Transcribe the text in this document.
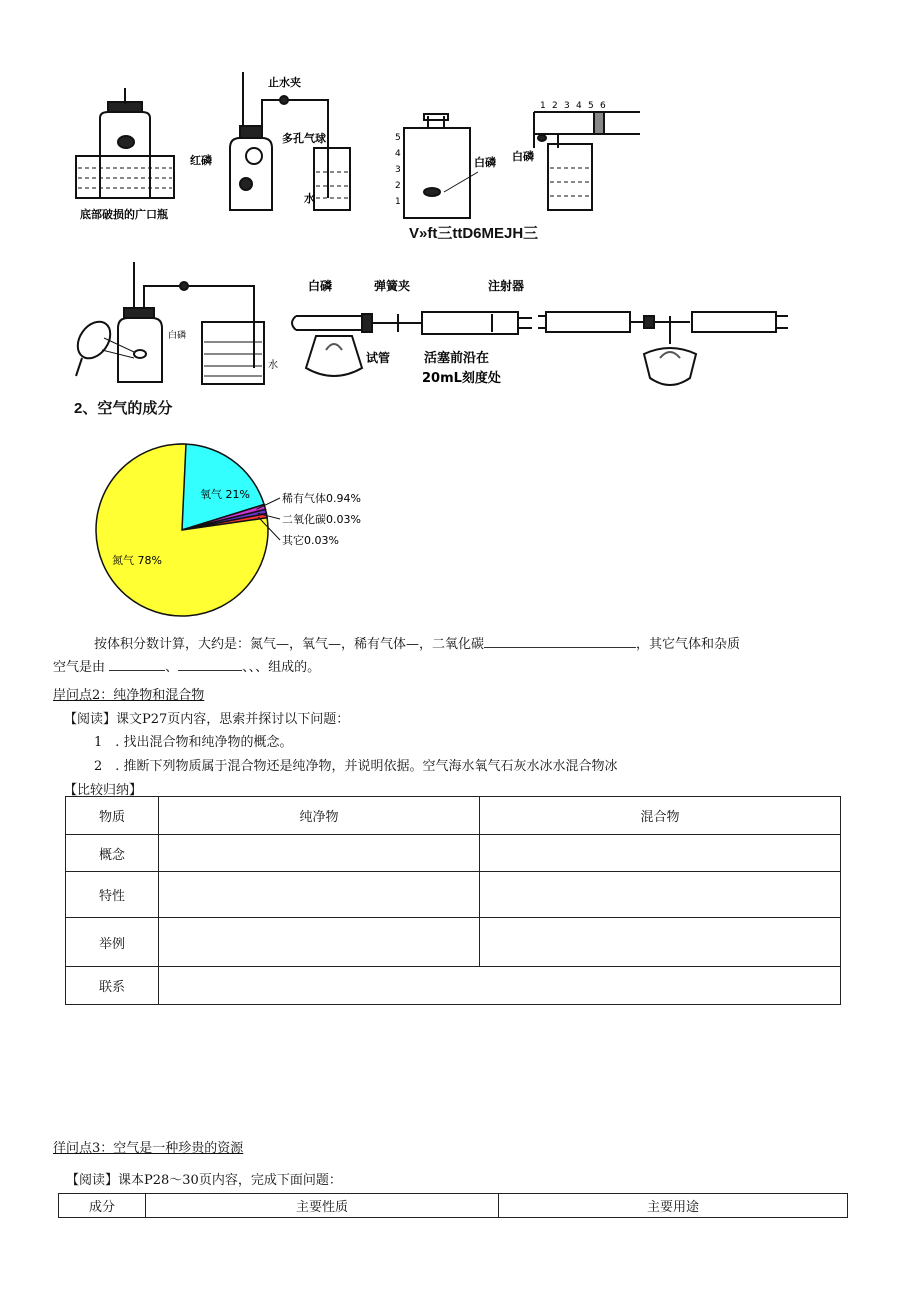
底部破损的广口瓶
止水夹
红磷
多孔气球
水
5
4
3
2
1
白磷
1 2 3 4 5 6
白磷
V»ft三ttD6MEJH三
白磷
水
白磷	弹簧夹	注射器
试管	活塞前沿在
20mL刻度处
2、空气的成分
氧气 21%
氮气 78%
稀有气体0.94%
二氧化碳0.03%
其它0.03%
按体积分数计算，大约是：氮气—，氧气—，稀有气体—，二氧化碳	，其它气体和杂质
空气是由	、	、、、组成的。
岸问点2：纯净物和混合物
【阅读】课文P27页内容，思索并探讨以下问题：
1　. 找出混合物和纯净物的概念。
2　. 推断下列物质属于混合物还是纯净物，并说明依据。空气海水氧气石灰水冰水混合物冰
【比较归纳】
物质	纯净物	混合物
概念		
特性		
举例		
联系		
徉问点3：空气是一种珍贵的资源
【阅读】课本P28～30页内容，完成下面问题：
成分	主要性质	主要用途
